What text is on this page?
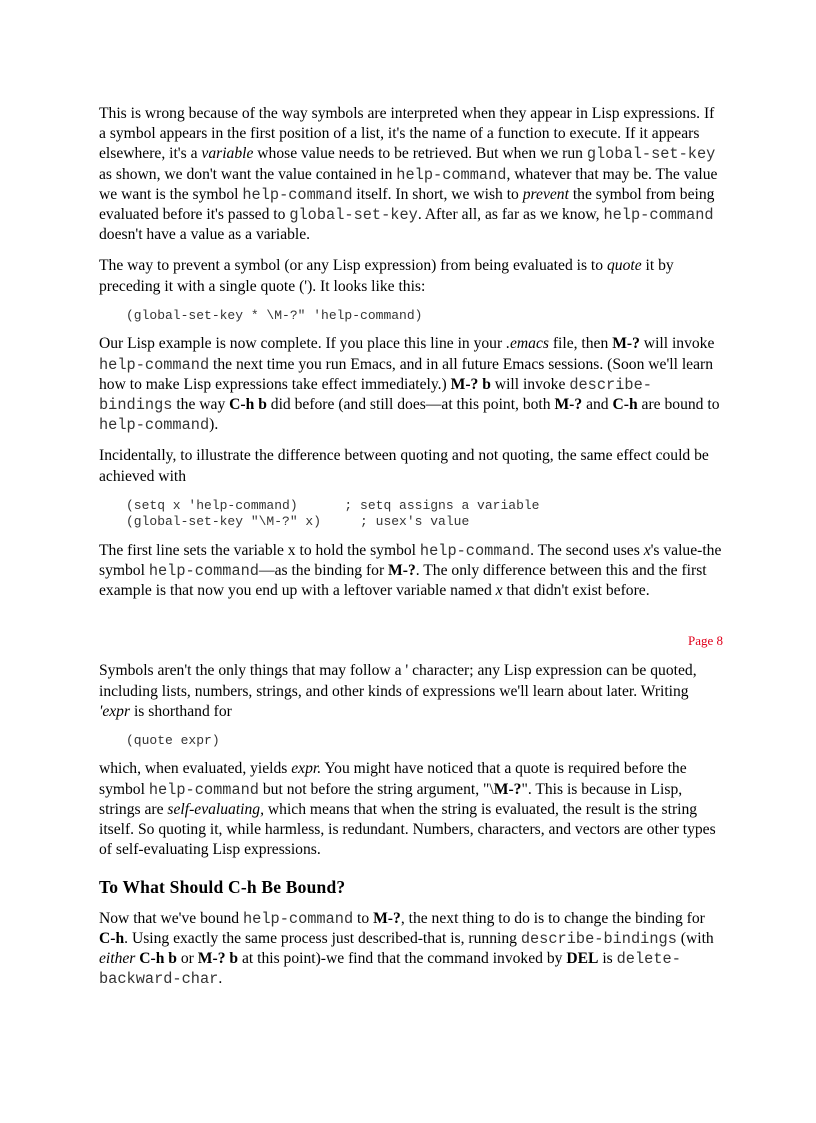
This is wrong because of the way symbols are interpreted when they appear in Lisp expressions. If a symbol appears in the first position of a list, it's the name of a function to execute. If it appears elsewhere, it's a variable whose value needs to be retrieved. But when we run global-set-key as shown, we don't want the value contained in help-command, whatever that may be. The value we want is the symbol help-command itself. In short, we wish to prevent the symbol from being evaluated before it's passed to global-set-key. After all, as far as we know, help-command doesn't have a value as a variable.

The way to prevent a symbol (or any Lisp expression) from being evaluated is to quote it by preceding it with a single quote ('). It looks like this:

(global-set-key * \M-?" 'help-command)

Our Lisp example is now complete. If you place this line in your .emacs file, then M-? will invoke help-command the next time you run Emacs, and in all future Emacs sessions. (Soon we'll learn how to make Lisp expressions take effect immediately.) M-? b will invoke describe-bindings the way C-h b did before (and still does—at this point, both M-? and C-h are bound to help-command).

Incidentally, to illustrate the difference between quoting and not quoting, the same effect could be achieved with

(setq x 'help-command)      ; setq assigns a variable
(global-set-key "\M-?" x)     ; usex's value

The first line sets the variable x to hold the symbol help-command. The second uses x's value-the symbol help-command—as the binding for M-?. The only difference between this and the first example is that now you end up with a leftover variable named x that didn't exist before.

Page 8

Symbols aren't the only things that may follow a ' character; any Lisp expression can be quoted, including lists, numbers, strings, and other kinds of expressions we'll learn about later. Writing 'expr is shorthand for

(quote expr)

which, when evaluated, yields expr. You might have noticed that a quote is required before the symbol help-command but not before the string argument, "\M-?". This is because in Lisp, strings are self-evaluating, which means that when the string is evaluated, the result is the string itself. So quoting it, while harmless, is redundant. Numbers, characters, and vectors are other types of self-evaluating Lisp expressions.

To What Should C-h Be Bound?

Now that we've bound help-command to M-?, the next thing to do is to change the binding for C-h. Using exactly the same process just described-that is, running describe-bindings (with either C-h b or M-? b at this point)-we find that the command invoked by DEL is delete-backward-char.
